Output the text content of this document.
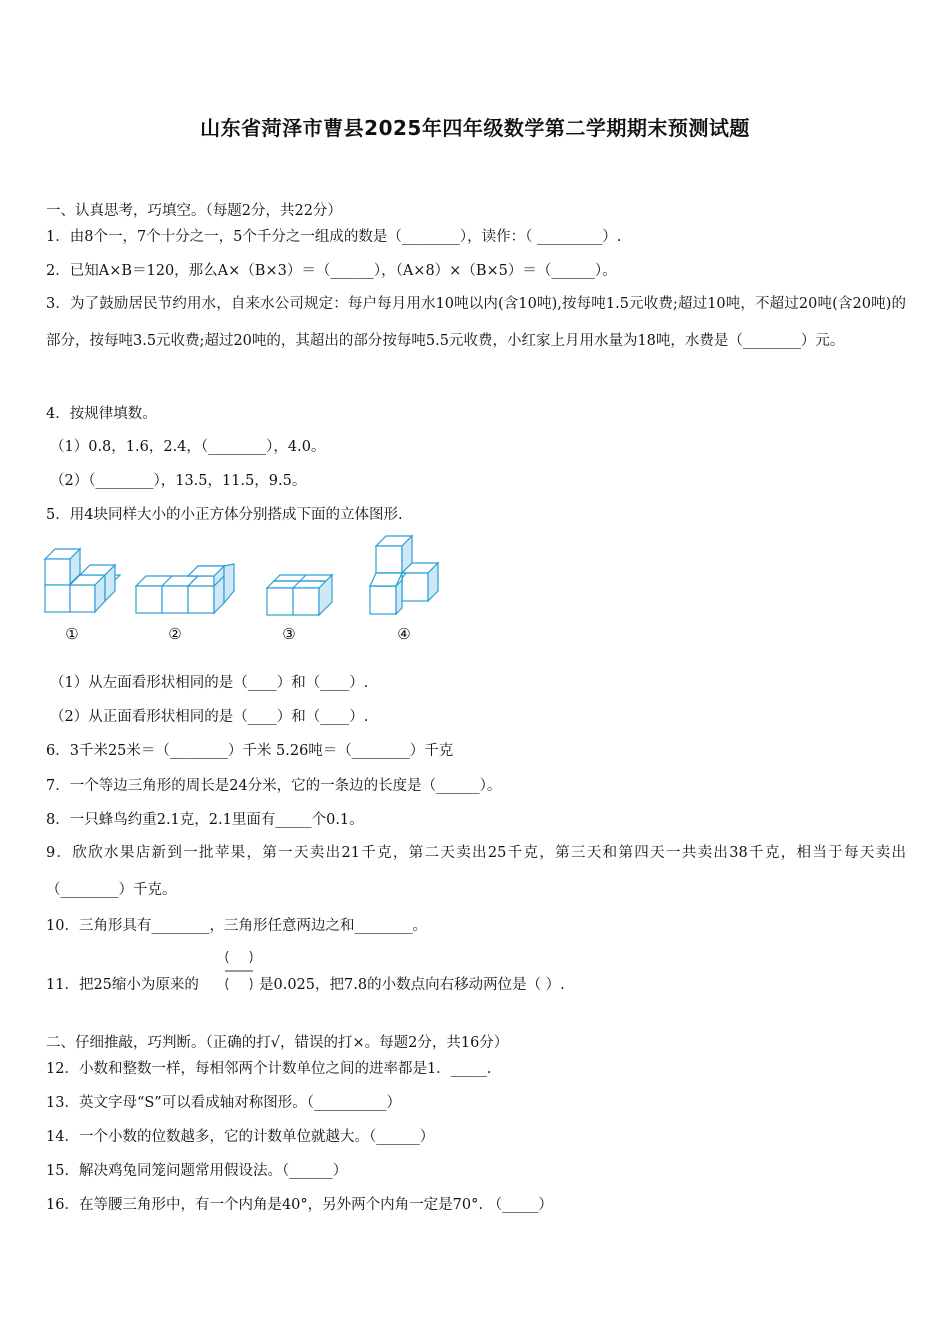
山东省菏泽市曹县2025年四年级数学第二学期期末预测试题
一、认真思考，巧填空。（每题2分，共22分）
1．由8个一，7个十分之一，5个千分之一组成的数是（________），读作：（ _________）.
2．已知A×B＝120，那么A×（B×3）＝（______），（A×8）×（B×5）＝（______）。
3．为了鼓励居民节约用水，自来水公司规定：每户每月用水10吨以内(含10吨),按每吨1.5元收费;超过10吨，不超过20吨(含20吨)的部分，按每吨3.5元收费;超过20吨的，其超出的部分按每吨5.5元收费，小红家上月用水量为18吨，水费是（________）元。
4．按规律填数。
（1）0.8，1.6，2.4，（________），4.0。
（2）（________），13.5，11.5，9.5。
5．用4块同样大小的小正方体分别搭成下面的立体图形.
①	②	③	④
（1）从左面看形状相同的是（____）和（____）.
（2）从正面看形状相同的是（____）和（____）.
6．3千米25米＝（________）千米 5.26吨＝（________）千克
7．一个等边三角形的周长是24分米，它的一条边的长度是（______）。
8．一只蜂鸟约重2.1克，2.1里面有_____个0.1。
9．欣欣水果店新到一批苹果，第一天卖出21千克，第二天卖出25千克，第三天和第四天一共卖出38千克，相当于每天卖出（________）千克。
10．三角形具有________，三角形任意两边之和________。
11．把25缩小为原来的	是0.025，把7.8的小数点向右移动两位是（ ）.
二、仔细推敲，巧判断。（正确的打√，错误的打×。每题2分，共16分）
12．小数和整数一样，每相邻两个计数单位之间的进率都是1．_____.
13．英文字母“S”可以看成轴对称图形。（__________）
14．一个小数的位数越多，它的计数单位就越大。（______）
15．解决鸡兔同笼问题常用假设法。（______）
16．在等腰三角形中，有一个内角是40°，另外两个内角一定是70°. （_____）
